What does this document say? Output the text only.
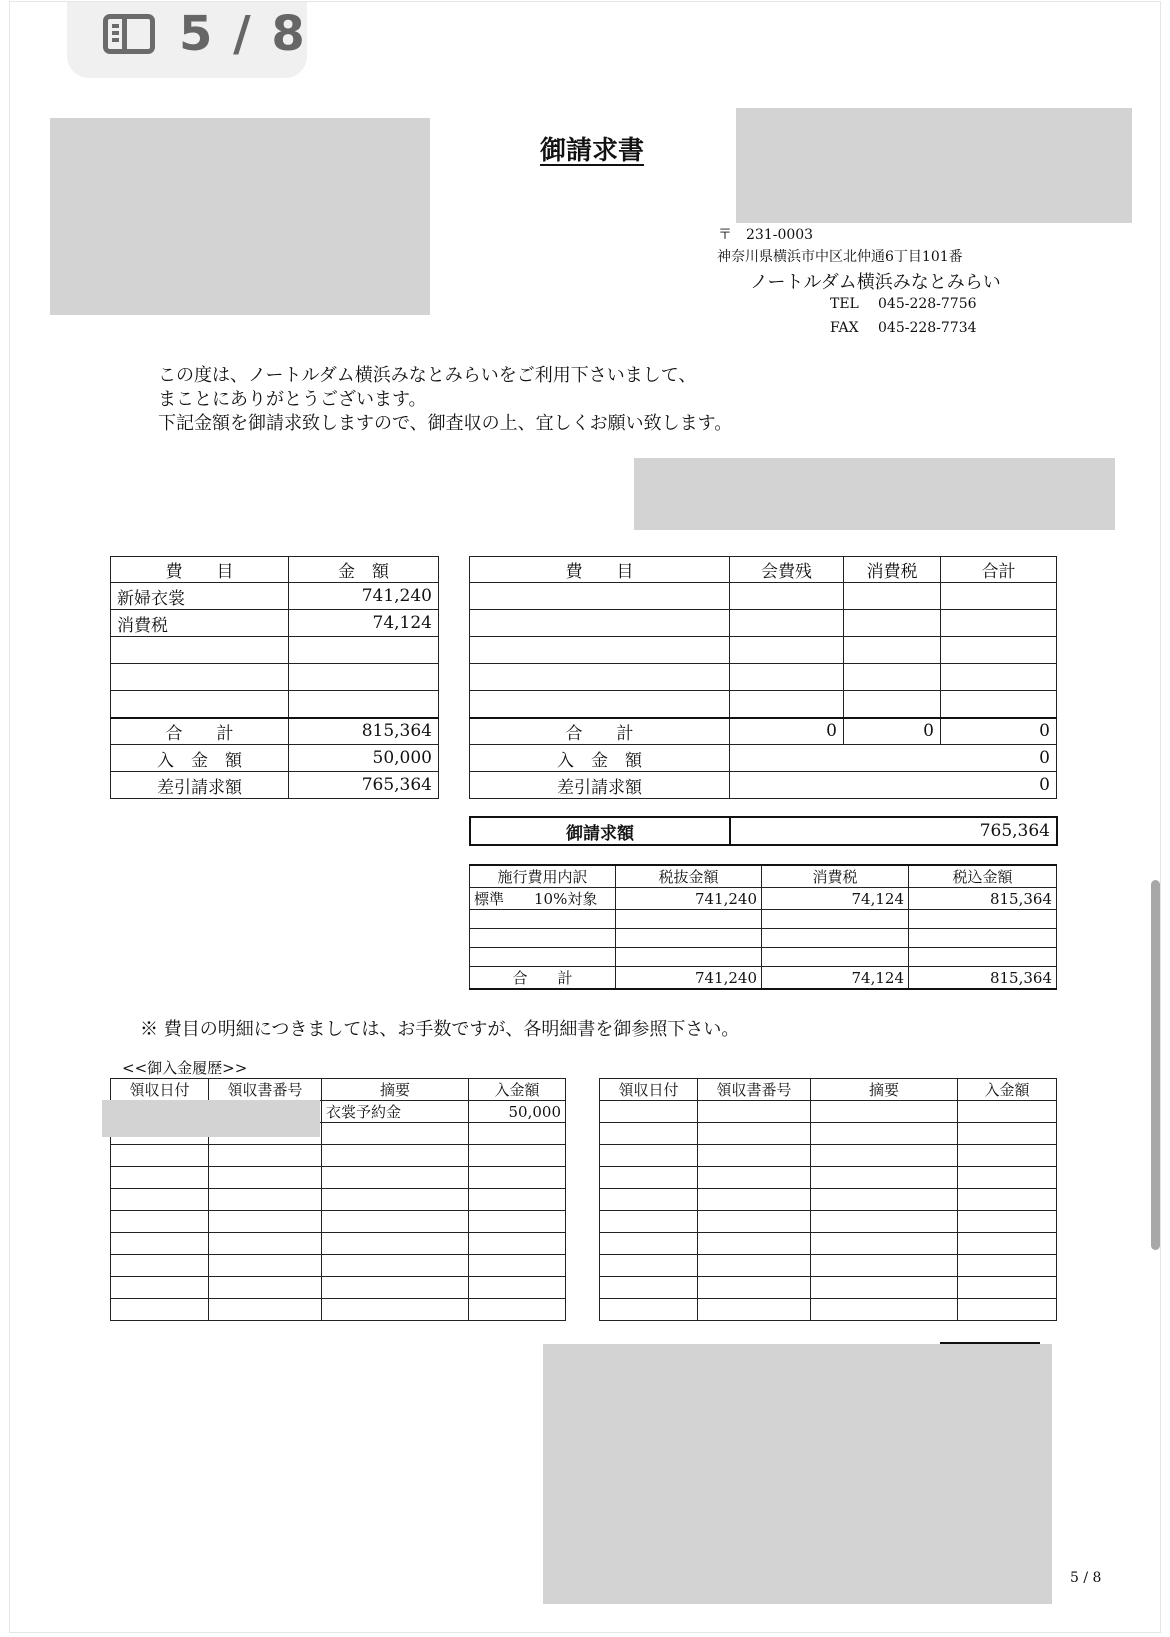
5 / 8
御請求書
〒　231-0003
神奈川県横浜市中区北仲通6丁目101番
ノートルダム横浜みなとみらい
TEL 045-228-7756
FAX 045-228-7734
この度は、ノートルダム横浜みなとみらいをご利用下さいまして、
まことにありがとうございます。
下記金額を御請求致しますので、御査収の上、宜しくお願い致します。
費　　目	金　額
新婦衣裳	741,240
消費税	74,124

合　　計	815,364
入　金　額	50,000
差引請求額	765,364
費　　目	会費残	消費税	合計

合　　計	0	0	0
入　金　額	0		
差引請求額	0		
御請求額	765,364
施行費用内訳	税抜金額	消費税	税込金額
標準　　10%対象	741,240	74,124	815,364

合　　計	741,240	74,124	815,364
※ 費目の明細につきましては、お手数ですが、各明細書を御参照下さい。
<<御入金履歴>>
領収日付	領収書番号	摘要	入金額
		衣裳予約金	50,000

領収日付	領収書番号	摘要	入金額

5 / 8
